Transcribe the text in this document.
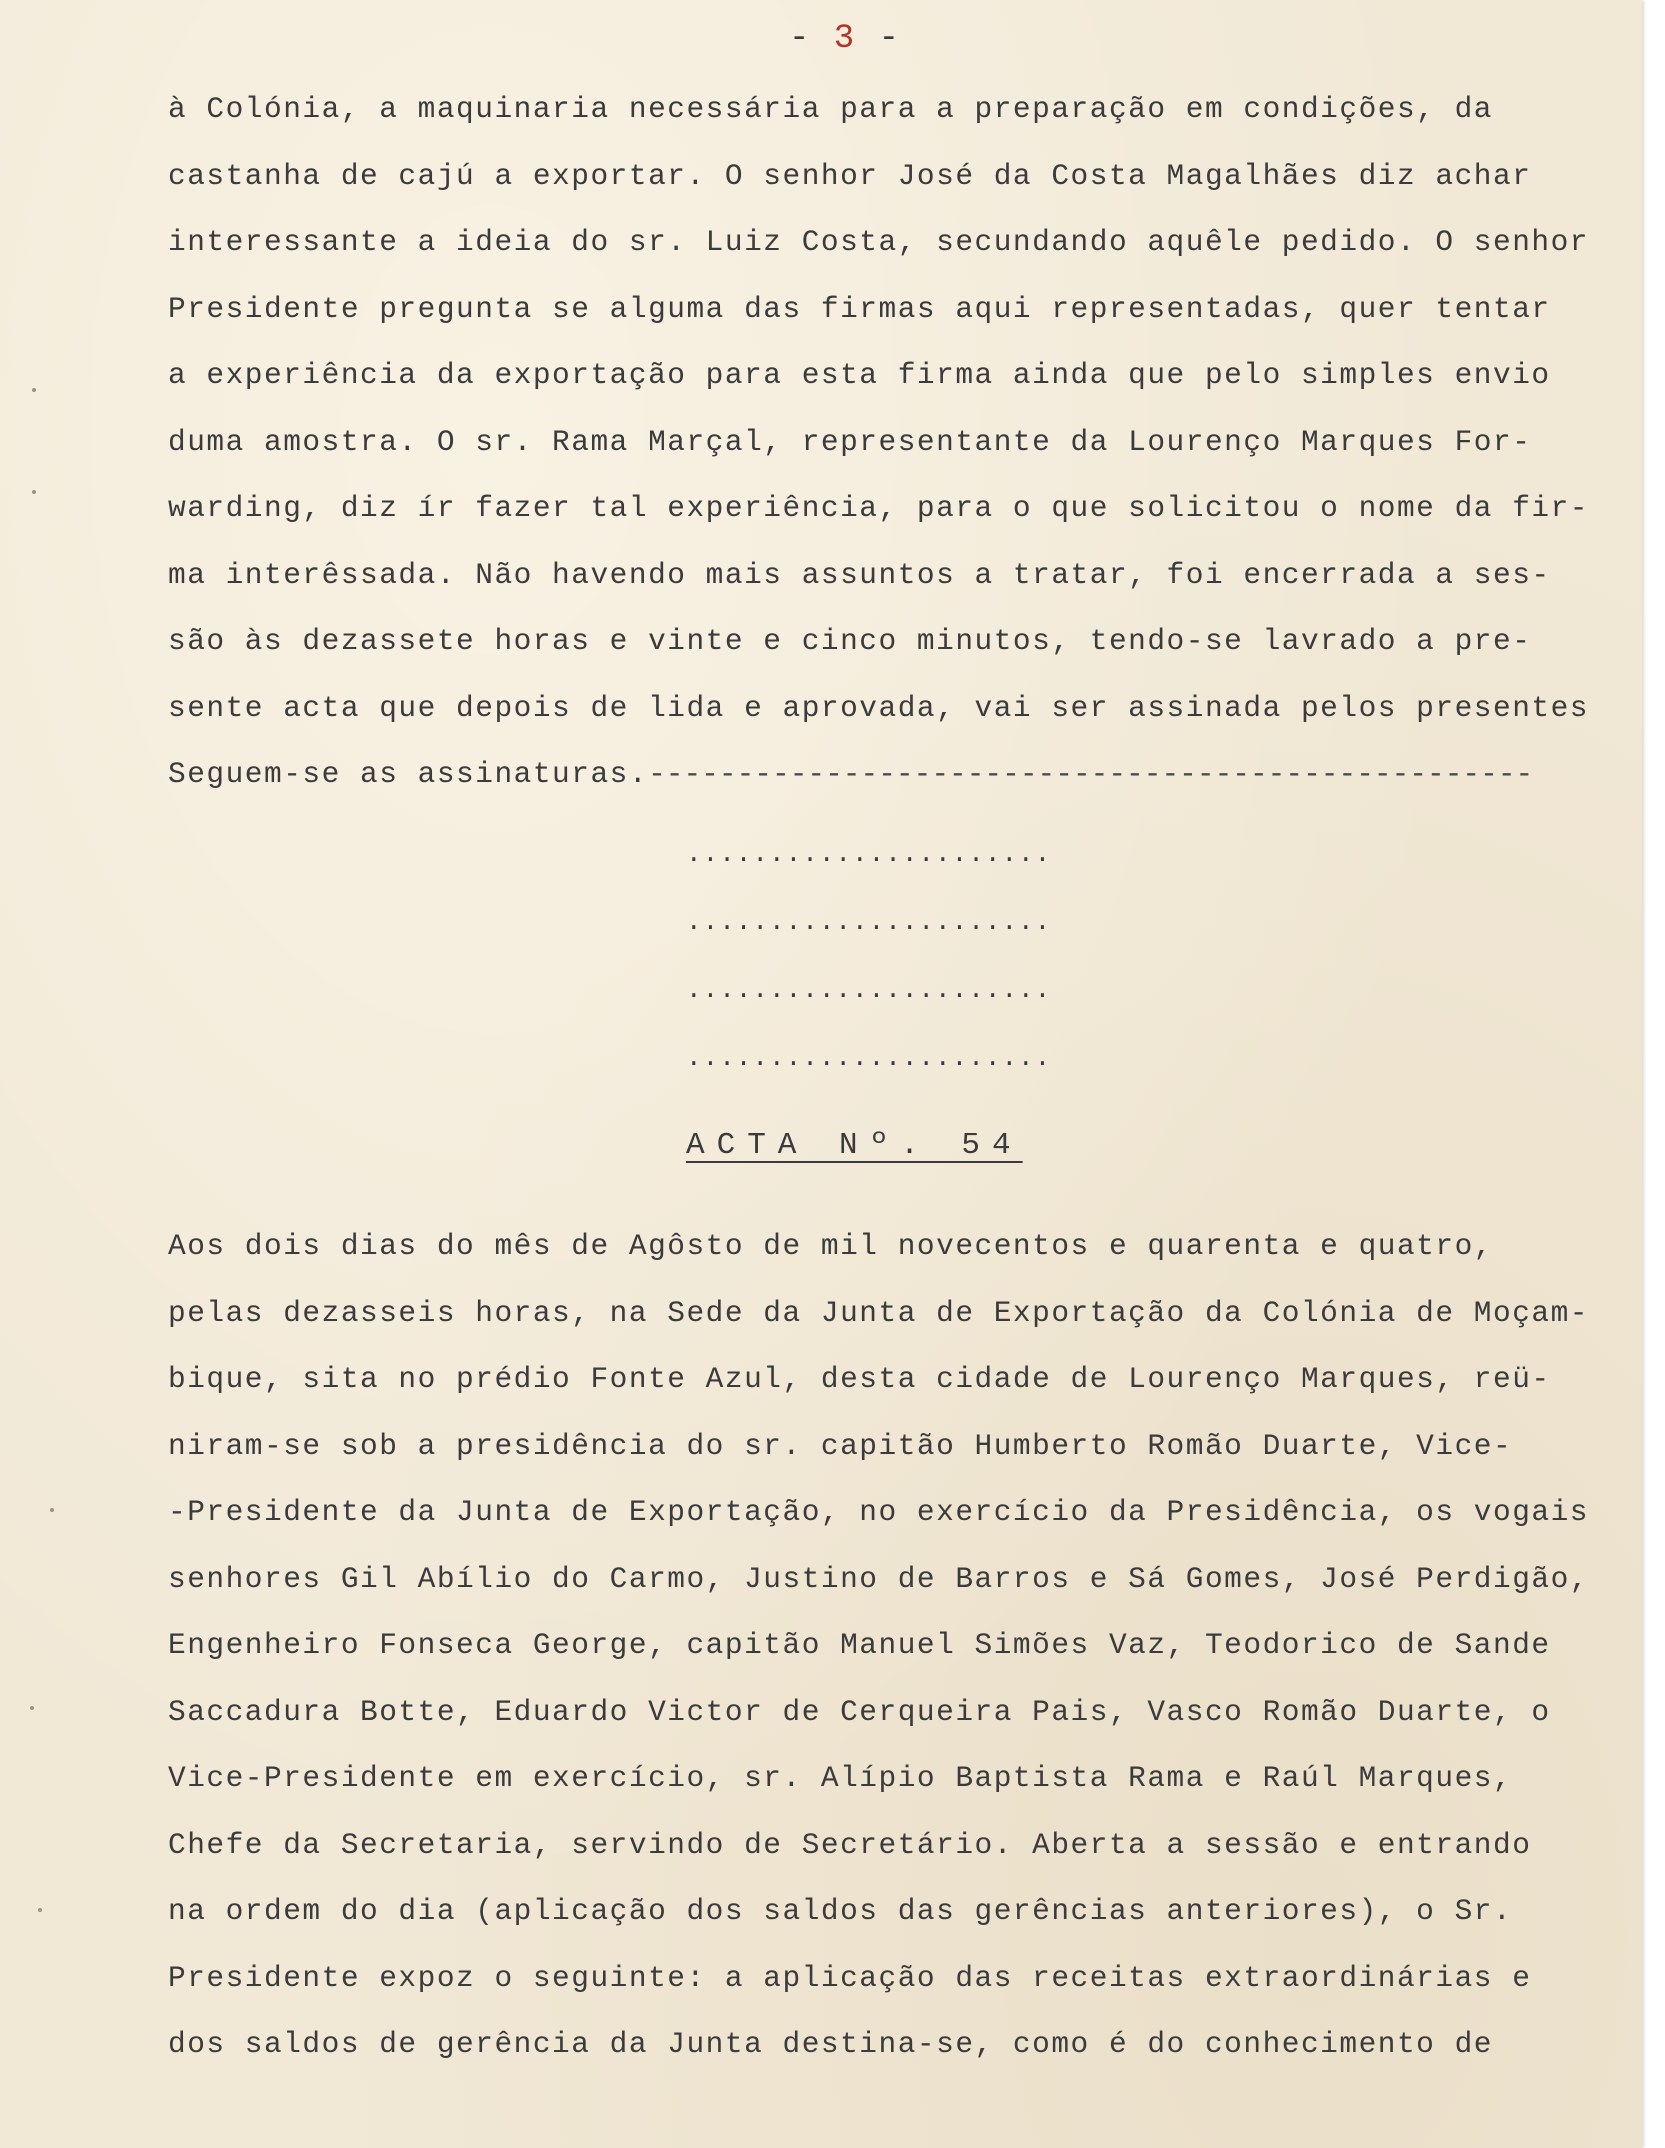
- 3 -
à Colónia, a maquinaria necessária para a preparação em condições, da
castanha de cajú a exportar. O senhor José da Costa Magalhães diz achar
interessante a ideia do sr. Luiz Costa, secundando aquêle pedido. O senhor
Presidente pregunta se alguma das firmas aqui representadas, quer tentar
a experiência da exportação para esta firma ainda que pelo simples envio
duma amostra. O sr. Rama Marçal, representante da Lourenço Marques For-
warding, diz ír fazer tal experiência, para o que solicitou o nome da fir-
ma interêssada. Não havendo mais assuntos a tratar, foi encerrada a ses-
são às dezassete horas e vinte e cinco minutos, tendo-se lavrado a pre-
sente acta que depois de lida e aprovada, vai ser assinada pelos presentes
Seguem-se as assinaturas.--------------------------------------------------
......................
......................
......................
......................
ACTA Nº. 54
Aos dois dias do mês de Agôsto de mil novecentos e quarenta e quatro,
pelas dezasseis horas, na Sede da Junta de Exportação da Colónia de Moçam-
bique, sita no prédio Fonte Azul, desta cidade de Lourenço Marques, reü-
niram-se sob a presidência do sr. capitão Humberto Romão Duarte, Vice-
-Presidente da Junta de Exportação, no exercício da Presidência, os vogais
senhores Gil Abílio do Carmo, Justino de Barros e Sá Gomes, José Perdigão,
Engenheiro Fonseca George, capitão Manuel Simões Vaz, Teodorico de Sande
Saccadura Botte, Eduardo Victor de Cerqueira Pais, Vasco Romão Duarte, o
Vice-Presidente em exercício, sr. Alípio Baptista Rama e Raúl Marques,
Chefe da Secretaria, servindo de Secretário. Aberta a sessão e entrando
na ordem do dia (aplicação dos saldos das gerências anteriores), o Sr.
Presidente expoz o seguinte: a aplicação das receitas extraordinárias e
dos saldos de gerência da Junta destina-se, como é do conhecimento de
